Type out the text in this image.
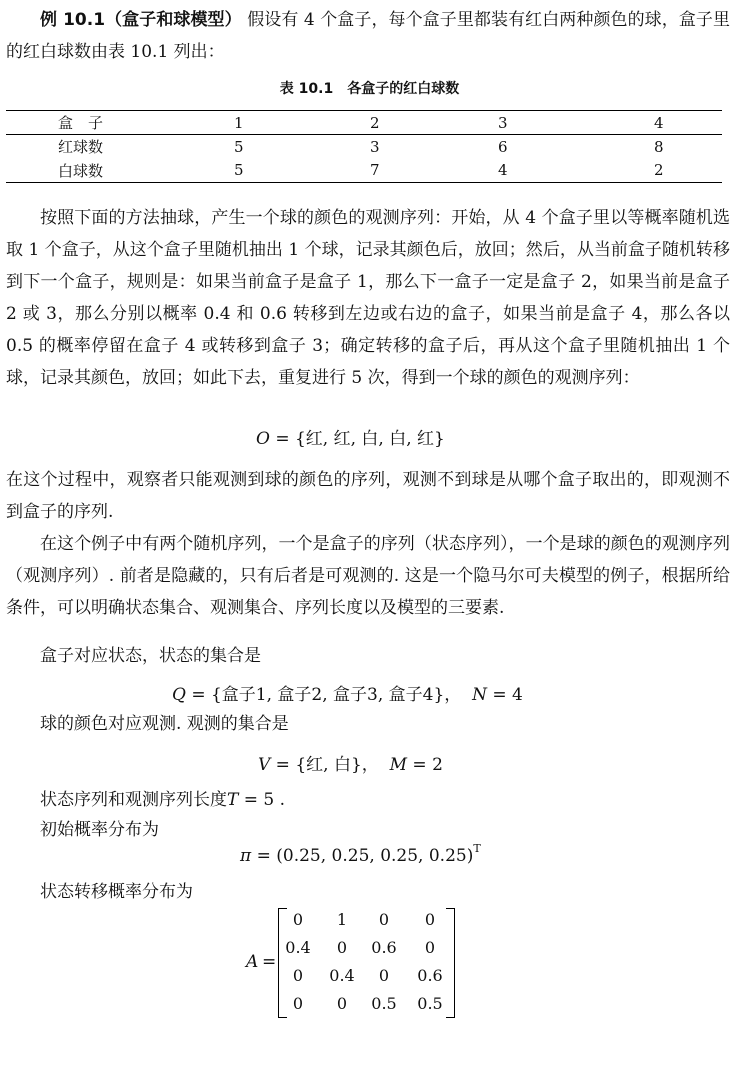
例 10.1（盒子和球模型） 假设有 4 个盒子，每个盒子里都装有红白两种颜色的球，盒子里的红白球数由表 10.1 列出：

表 10.1　各盒子的红白球数
盒　子	1	2	3	4
红球数	5	3	6	8
白球数	5	7	4	2

按照下面的方法抽球，产生一个球的颜色的观测序列：开始，从 4 个盒子里以等概率随机选取 1 个盒子，从这个盒子里随机抽出 1 个球，记录其颜色后，放回；然后，从当前盒子随机转移到下一个盒子，规则是：如果当前盒子是盒子 1，那么下一盒子一定是盒子 2，如果当前是盒子 2 或 3，那么分别以概率 0.4 和 0.6 转移到左边或右边的盒子，如果当前是盒子 4，那么各以 0.5 的概率停留在盒子 4 或转移到盒子 3；确定转移的盒子后，再从这个盒子里随机抽出 1 个球，记录其颜色，放回；如此下去，重复进行 5 次，得到一个球的颜色的观测序列：

O = {红, 红, 白, 白, 红}

在这个过程中，观察者只能观测到球的颜色的序列，观测不到球是从哪个盒子取出的，即观测不到盒子的序列.

在这个例子中有两个随机序列，一个是盒子的序列（状态序列），一个是球的颜色的观测序列（观测序列）. 前者是隐藏的，只有后者是可观测的. 这是一个隐马尔可夫模型的例子，根据所给条件，可以明确状态集合、观测集合、序列长度以及模型的三要素.

盒子对应状态，状态的集合是

Q = {盒子1, 盒子2, 盒子3, 盒子4}， N = 4

球的颜色对应观测. 观测的集合是

V = {红, 白}， M = 2

状态序列和观测序列长度T = 5 .

初始概率分布为

π = (0.25, 0.25, 0.25, 0.25)$^T$

状态转移概率分布为

A =
0	1	0	0
0.4	0	0.6	0
0	0.4	0	0.6
0	0	0.5	0.5
